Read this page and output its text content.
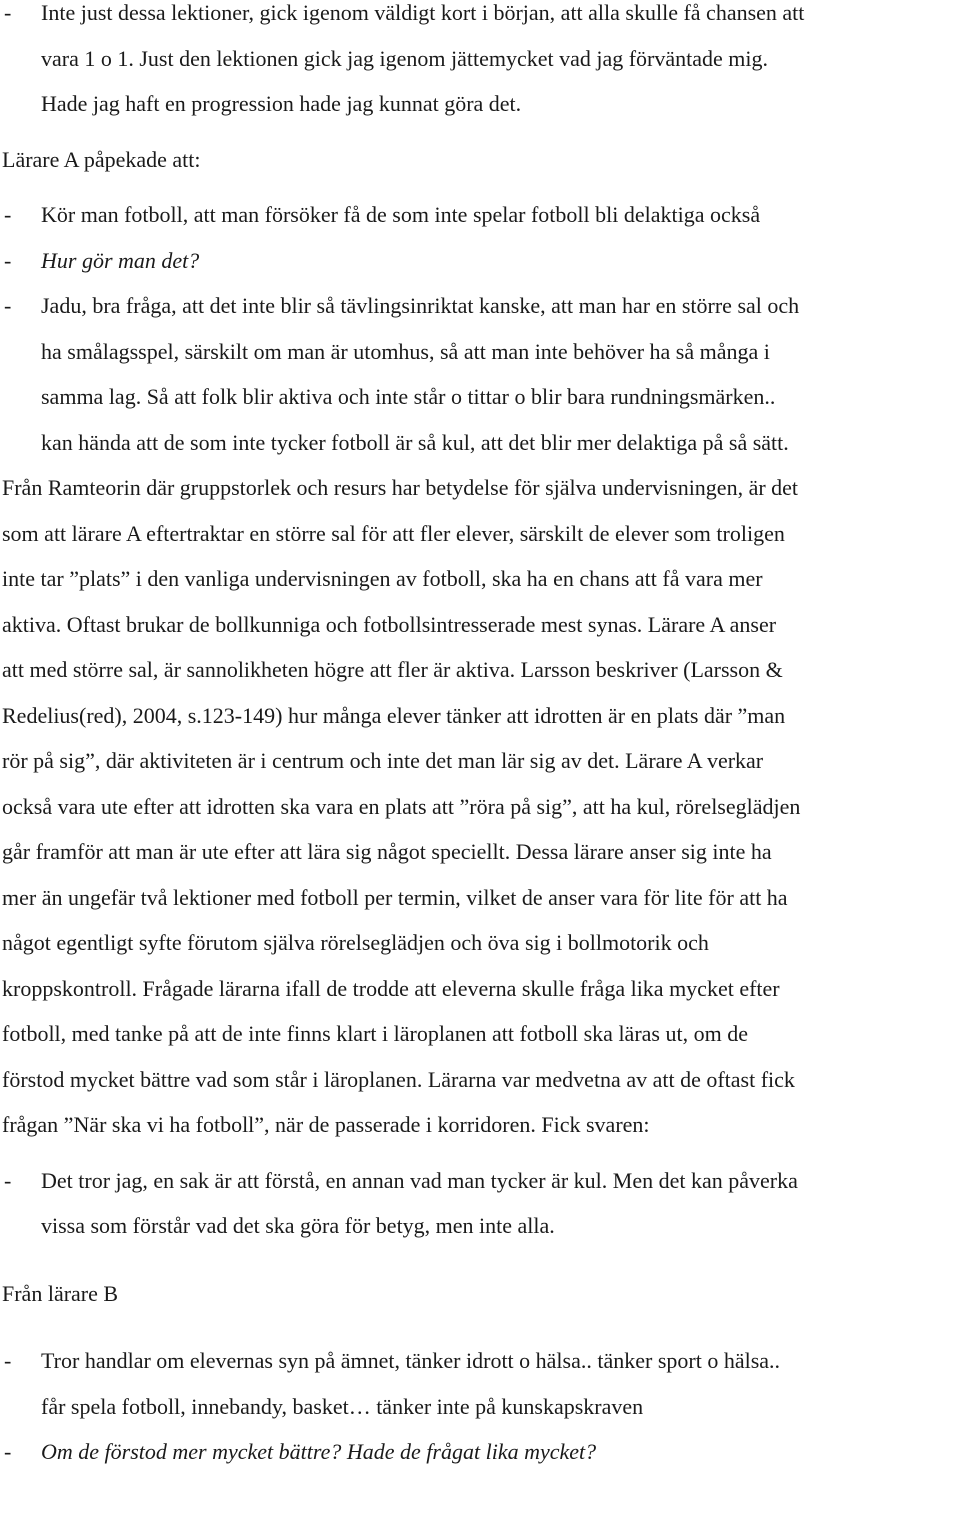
- Inte just dessa lektioner, gick igenom väldigt kort i början, att alla skulle få chansen att
vara 1 o 1. Just den lektionen gick jag igenom jättemycket vad jag förväntade mig.
Hade jag haft en progression hade jag kunnat göra det.
Lärare A påpekade att:
- Kör man fotboll, att man försöker få de som inte spelar fotboll bli delaktiga också
- Hur gör man det?
- Jadu, bra fråga, att det inte blir så tävlingsinriktat kanske, att man har en större sal och
ha smålagsspel, särskilt om man är utomhus, så att man inte behöver ha så många i
samma lag. Så att folk blir aktiva och inte står o tittar o blir bara rundningsmärken..
kan hända att de som inte tycker fotboll är så kul, att det blir mer delaktiga på så sätt.
Från Ramteorin där gruppstorlek och resurs har betydelse för själva undervisningen, är det
som att lärare A eftertraktar en större sal för att fler elever, särskilt de elever som troligen
inte tar ”plats” i den vanliga undervisningen av fotboll, ska ha en chans att få vara mer
aktiva. Oftast brukar de bollkunniga och fotbollsintresserade mest synas. Lärare A anser
att med större sal, är sannolikheten högre att fler är aktiva. Larsson beskriver (Larsson &
Redelius(red), 2004, s.123-149) hur många elever tänker att idrotten är en plats där ”man
rör på sig”, där aktiviteten är i centrum och inte det man lär sig av det. Lärare A verkar
också vara ute efter att idrotten ska vara en plats att ”röra på sig”, att ha kul, rörelseglädjen
går framför att man är ute efter att lära sig något speciellt. Dessa lärare anser sig inte ha
mer än ungefär två lektioner med fotboll per termin, vilket de anser vara för lite för att ha
något egentligt syfte förutom själva rörelseglädjen och öva sig i bollmotorik och
kroppskontroll. Frågade lärarna ifall de trodde att eleverna skulle fråga lika mycket efter
fotboll, med tanke på att de inte finns klart i läroplanen att fotboll ska läras ut, om de
förstod mycket bättre vad som står i läroplanen. Lärarna var medvetna av att de oftast fick
frågan ”När ska vi ha fotboll”, när de passerade i korridoren. Fick svaren:
- Det tror jag, en sak är att förstå, en annan vad man tycker är kul. Men det kan påverka
vissa som förstår vad det ska göra för betyg, men inte alla.
Från lärare B
- Tror handlar om elevernas syn på ämnet, tänker idrott o hälsa.. tänker sport o hälsa..
får spela fotboll, innebandy, basket… tänker inte på kunskapskraven
- Om de förstod mer mycket bättre? Hade de frågat lika mycket?
